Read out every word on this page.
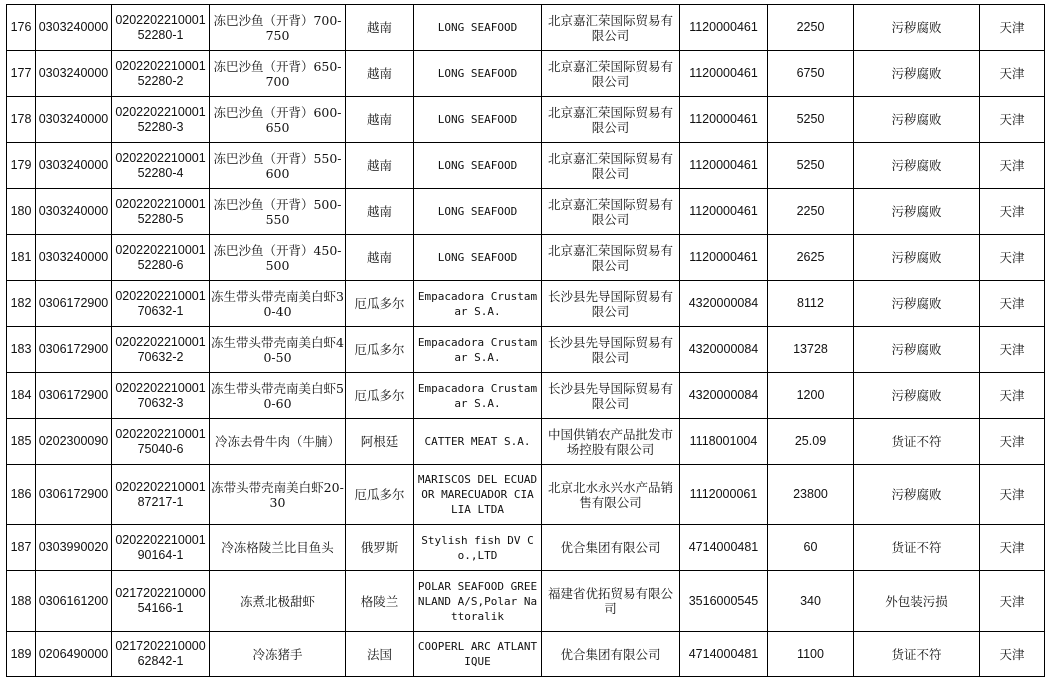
176	0303240000	020220221000152280-1	冻巴沙鱼（开背）700-750	越南	LONG SEAFOOD	北京嘉汇荣国际贸易有限公司	1120000461	2250	污秽腐败	天津
177	0303240000	020220221000152280-2	冻巴沙鱼（开背）650-700	越南	LONG SEAFOOD	北京嘉汇荣国际贸易有限公司	1120000461	6750	污秽腐败	天津
178	0303240000	020220221000152280-3	冻巴沙鱼（开背）600-650	越南	LONG SEAFOOD	北京嘉汇荣国际贸易有限公司	1120000461	5250	污秽腐败	天津
179	0303240000	020220221000152280-4	冻巴沙鱼（开背）550-600	越南	LONG SEAFOOD	北京嘉汇荣国际贸易有限公司	1120000461	5250	污秽腐败	天津
180	0303240000	020220221000152280-5	冻巴沙鱼（开背）500-550	越南	LONG SEAFOOD	北京嘉汇荣国际贸易有限公司	1120000461	2250	污秽腐败	天津
181	0303240000	020220221000152280-6	冻巴沙鱼（开背）450-500	越南	LONG SEAFOOD	北京嘉汇荣国际贸易有限公司	1120000461	2625	污秽腐败	天津
182	0306172900	020220221000170632-1	冻生带头带壳南美白虾30-40	厄瓜多尔	Empacadora Crustamar S.A.	长沙县先导国际贸易有限公司	4320000084	8112	污秽腐败	天津
183	0306172900	020220221000170632-2	冻生带头带壳南美白虾40-50	厄瓜多尔	Empacadora Crustamar S.A.	长沙县先导国际贸易有限公司	4320000084	13728	污秽腐败	天津
184	0306172900	020220221000170632-3	冻生带头带壳南美白虾50-60	厄瓜多尔	Empacadora Crustamar S.A.	长沙县先导国际贸易有限公司	4320000084	1200	污秽腐败	天津
185	0202300090	020220221000175040-6	冷冻去骨牛肉（牛腩）	阿根廷	CATTER MEAT S.A.	中国供销农产品批发市场控股有限公司	1118001004	25.09	货证不符	天津
186	0306172900	020220221000187217-1	冻带头带壳南美白虾20-30	厄瓜多尔	MARISCOS DEL ECUADOR MARECUADOR CIA LIA LTDA	北京北水永兴水产品销售有限公司	1112000061	23800	污秽腐败	天津
187	0303990020	020220221000190164-1	冷冻格陵兰比目鱼头	俄罗斯	Stylish fish DV Co.,LTD	优合集团有限公司	4714000481	60	货证不符	天津
188	0306161200	021720221000054166-1	冻煮北极甜虾	格陵兰	POLAR SEAFOOD GREENLAND A/S,Polar Nattoralik	福建省优拓贸易有限公司	3516000545	340	外包装污损	天津
189	0206490000	021720221000062842-1	冷冻猪手	法国	COOPERL ARC ATLANTIQUE	优合集团有限公司	4714000481	1100	货证不符	天津
